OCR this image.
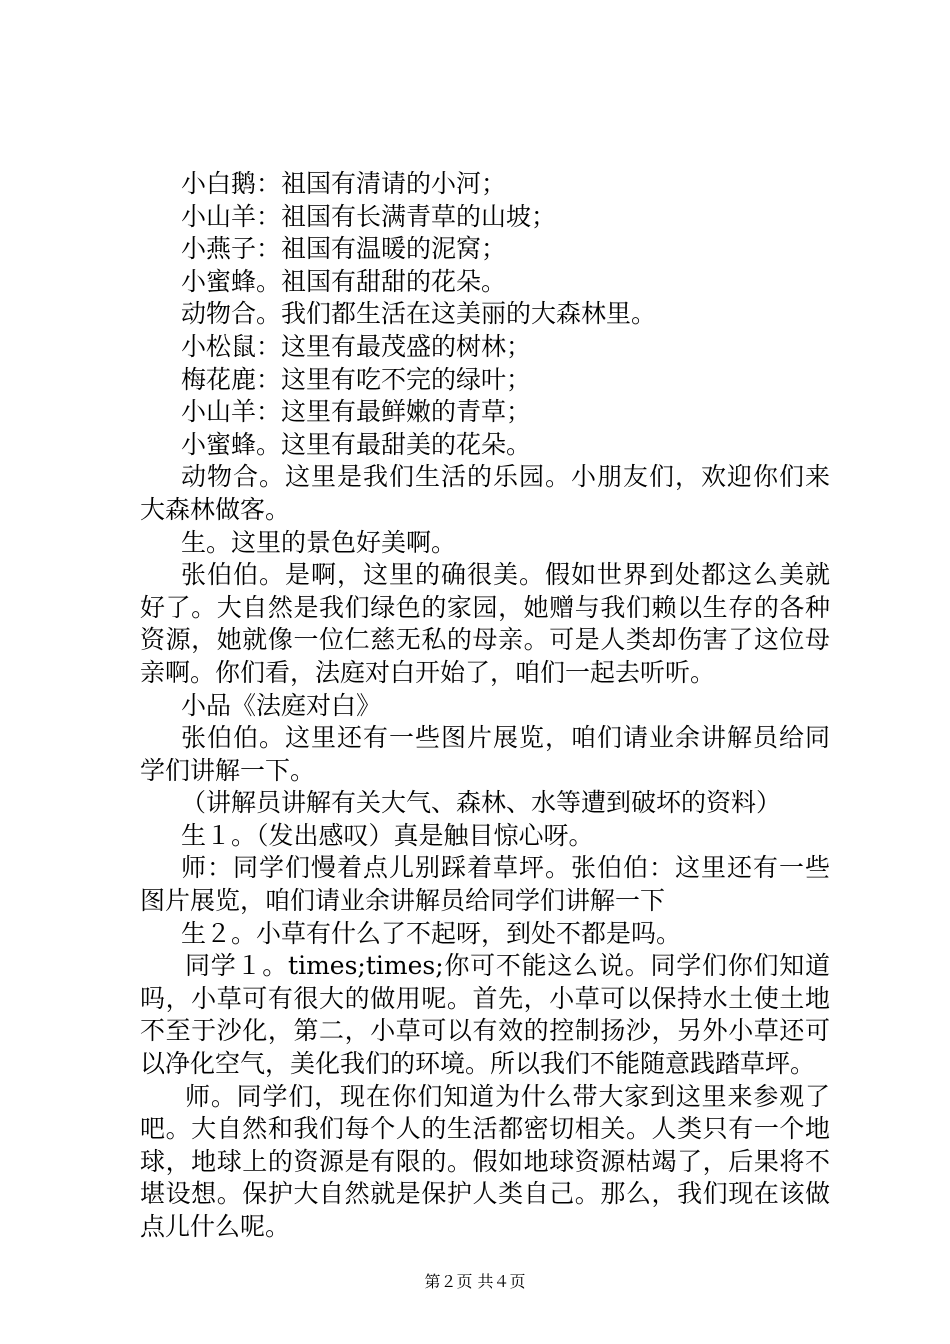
小白鹅：祖国有清请的小河；

小山羊：祖国有长满青草的山坡；

小燕子：祖国有温暖的泥窝；

小蜜蜂。祖国有甜甜的花朵。

动物合。我们都生活在这美丽的大森林里。

小松鼠：这里有最茂盛的树林；

梅花鹿：这里有吃不完的绿叶；

小山羊：这里有最鲜嫩的青草；

小蜜蜂。这里有最甜美的花朵。

动物合。这里是我们生活的乐园。小朋友们，欢迎你们来大森林做客。

生。这里的景色好美啊。

张伯伯。是啊，这里的确很美。假如世界到处都这么美就好了。大自然是我们绿色的家园，她赠与我们赖以生存的各种资源，她就像一位仁慈无私的母亲。可是人类却伤害了这位母亲啊。你们看，法庭对白开始了，咱们一起去听听。

小品《法庭对白》

张伯伯。这里还有一些图片展览，咱们请业余讲解员给同学们讲解一下。

（讲解员讲解有关大气、森林、水等遭到破坏的资料）

生１。（发出感叹）真是触目惊心呀。

师：同学们慢着点儿别踩着草坪。张伯伯：这里还有一些图片展览，咱们请业余讲解员给同学们讲解一下

生２。小草有什么了不起呀，到处不都是吗。

同学１。times;times;你可不能这么说。同学们你们知道吗，小草可有很大的做用呢。首先，小草可以保持水土使土地不至于沙化，第二，小草可以有效的控制扬沙，另外小草还可以净化空气，美化我们的环境。所以我们不能随意践踏草坪。

师。同学们，现在你们知道为什么带大家到这里来参观了吧。大自然和我们每个人的生活都密切相关。人类只有一个地球，地球上的资源是有限的。假如地球资源枯竭了，后果将不堪设想。保护大自然就是保护人类自己。那么，我们现在该做点儿什么呢。

第２页 共４页
